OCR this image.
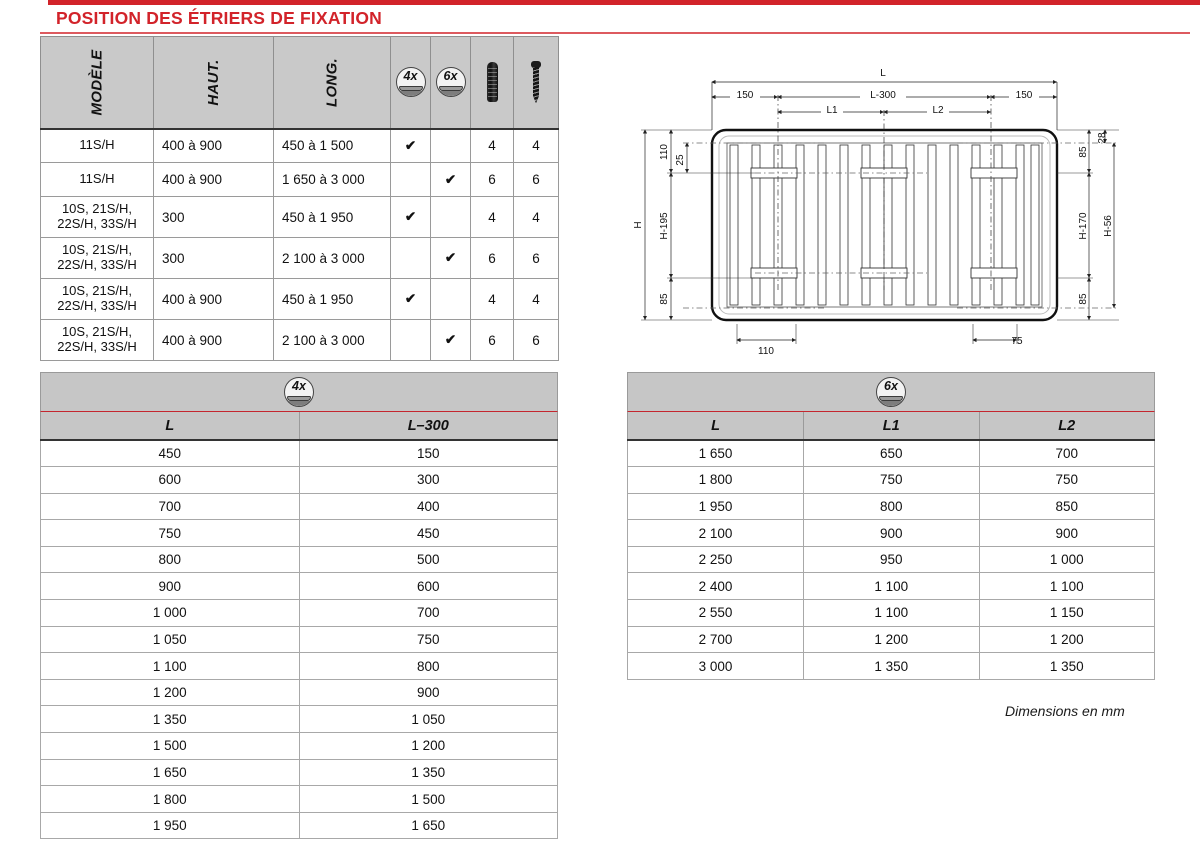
POSITION DES ÉTRIERS DE FIXATION
MODÈLE	HAUT.	LONG.	4x	6x		

11S/H	400 à 900	450 à 1 500	✔		4	4
11S/H	400 à 900	1 650 à 3 000		✔	6	6
10S, 21S/H,
22S/H, 33S/H	300	450 à 1 950	✔		4	4
10S, 21S/H,
22S/H, 33S/H	300	2 100 à 3 000		✔	6	6
10S, 21S/H,
22S/H, 33S/H	400 à 900	450 à 1 950	✔		4	4
10S, 21S/H,
22S/H, 33S/H	400 à 900	2 100 à 3 000		✔	6	6
4x
L	L–300
450	150
600	300
700	400
750	450
800	500
900	600
1 000	700
1 050	750
1 100	800
1 200	900
1 350	1 050
1 500	1 200
1 650	1 350
1 800	1 500
1 950	1 650
6x
L	L1	L2
1 650	650	700
1 800	750	750
1 950	800	850
2 100	900	900
2 250	950	1 000
2 400	1 100	1 100
2 550	1 100	1 150
2 700	1 200	1 200
3 000	1 350	1 350
Dimensions en mm
L
150	L-300	150
L1	L2
75
110
H
110
25
H-195
85
28
85
H-170 H-56
85
